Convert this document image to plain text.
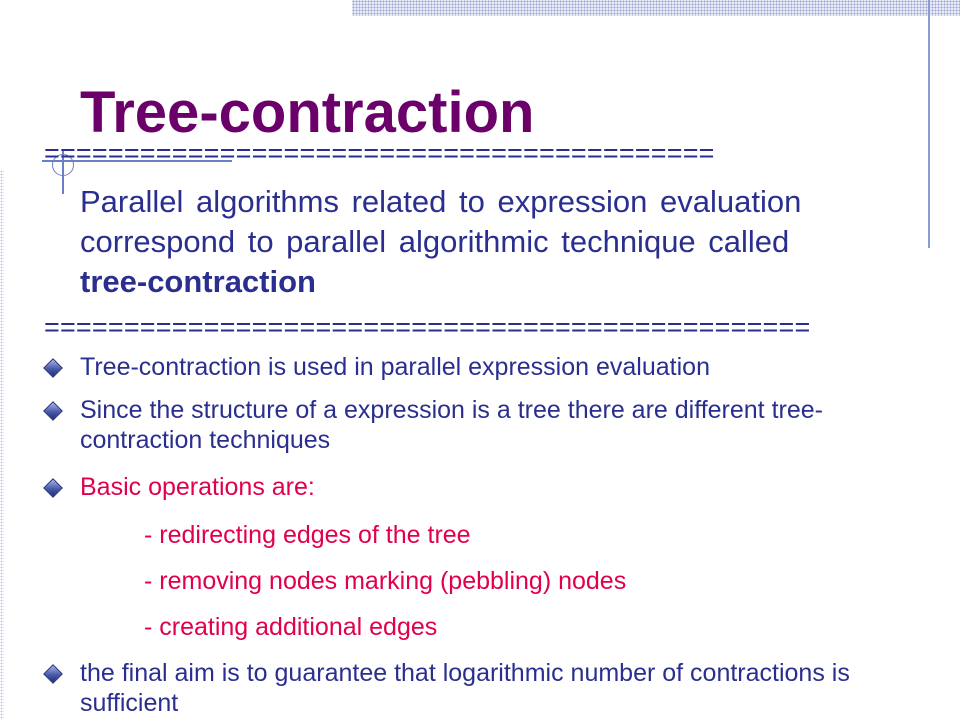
Tree-contraction
==========================================
Parallel algorithms related to expression evaluation correspond to parallel algorithmic technique called
tree-contraction
================================================
Tree-contraction is used in parallel expression evaluation
Since the structure of a expression is a tree there are different tree-contraction techniques
Basic operations are:
- redirecting edges of the tree
- removing nodes marking (pebbling) nodes
- creating additional edges
the final aim is to guarantee that logarithmic number of contractions is sufficient
